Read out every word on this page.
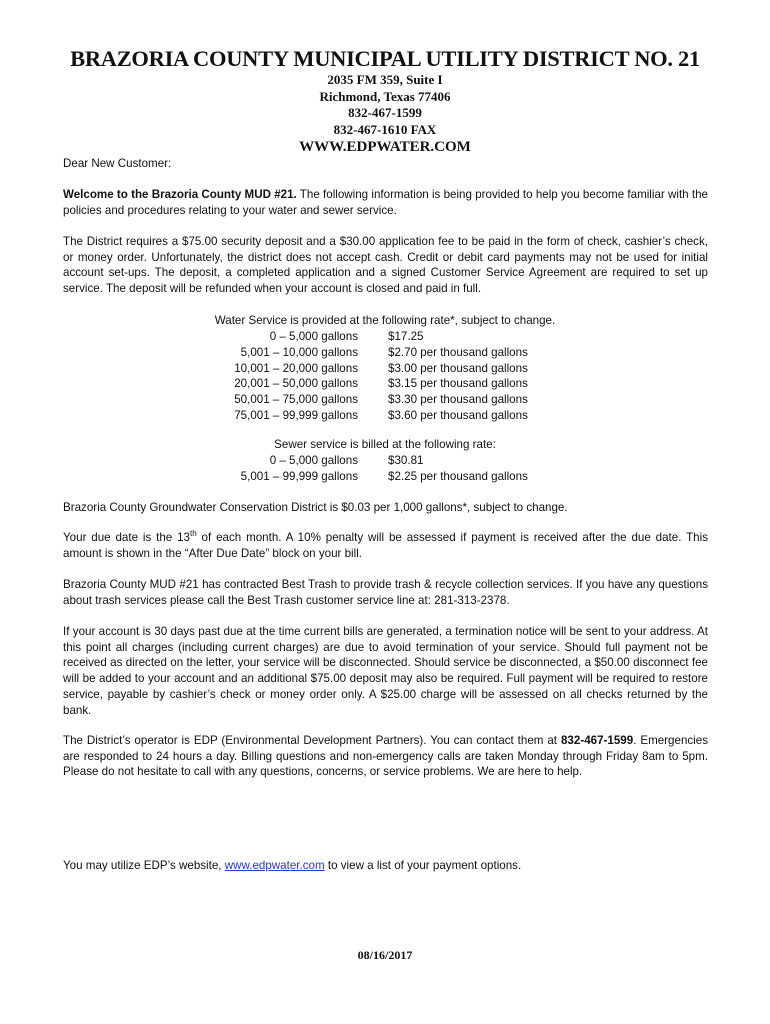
BRAZORIA COUNTY MUNICIPAL UTILITY DISTRICT NO. 21
2035 FM 359, Suite I
Richmond, Texas 77406
832-467-1599
832-467-1610 FAX
WWW.EDPWATER.COM

Dear New Customer:

Welcome to the Brazoria County MUD #21. The following information is being provided to help you become familiar with the policies and procedures relating to your water and sewer service.

The District requires a $75.00 security deposit and a $30.00 application fee to be paid in the form of check, cashier’s check, or money order. Unfortunately, the district does not accept cash. Credit or debit card payments may not be used for initial account set-ups. The deposit, a completed application and a signed Customer Service Agreement are required to set up service. The deposit will be refunded when your account is closed and paid in full.

Water Service is provided at the following rate*, subject to change.

0 – 5,000 gallons		$17.25
5,001 – 10,000 gallons		$2.70 per thousand gallons
10,001 – 20,000 gallons		$3.00 per thousand gallons
20,001 – 50,000 gallons		$3.15 per thousand gallons
50,001 – 75,000 gallons		$3.30 per thousand gallons
75,001 – 99,999 gallons		$3.60 per thousand gallons

Sewer service is billed at the following rate:

0 – 5,000 gallons		$30.81
5,001 – 99,999 gallons		$2.25 per thousand gallons

Brazoria County Groundwater Conservation District is $0.03 per 1,000 gallons*, subject to change.

Your due date is the 13th of each month. A 10% penalty will be assessed if payment is received after the due date. This amount is shown in the “After Due Date” block on your bill.

Brazoria County MUD #21 has contracted Best Trash to provide trash & recycle collection services. If you have any questions about trash services please call the Best Trash customer service line at: 281-313-2378.

If your account is 30 days past due at the time current bills are generated, a termination notice will be sent to your address. At this point all charges (including current charges) are due to avoid termination of your service. Should full payment not be received as directed on the letter, your service will be disconnected. Should service be disconnected, a $50.00 disconnect fee will be added to your account and an additional $75.00 deposit may also be required. Full payment will be required to restore service, payable by cashier’s check or money order only. A $25.00 charge will be assessed on all checks returned by the bank.

The District’s operator is EDP (Environmental Development Partners). You can contact them at 832-467-1599. Emergencies are responded to 24 hours a day. Billing questions and non-emergency calls are taken Monday through Friday 8am to 5pm. Please do not hesitate to call with any questions, concerns, or service problems. We are here to help.

You may utilize EDP’s website, www.edpwater.com to view a list of your payment options.

08/16/2017
